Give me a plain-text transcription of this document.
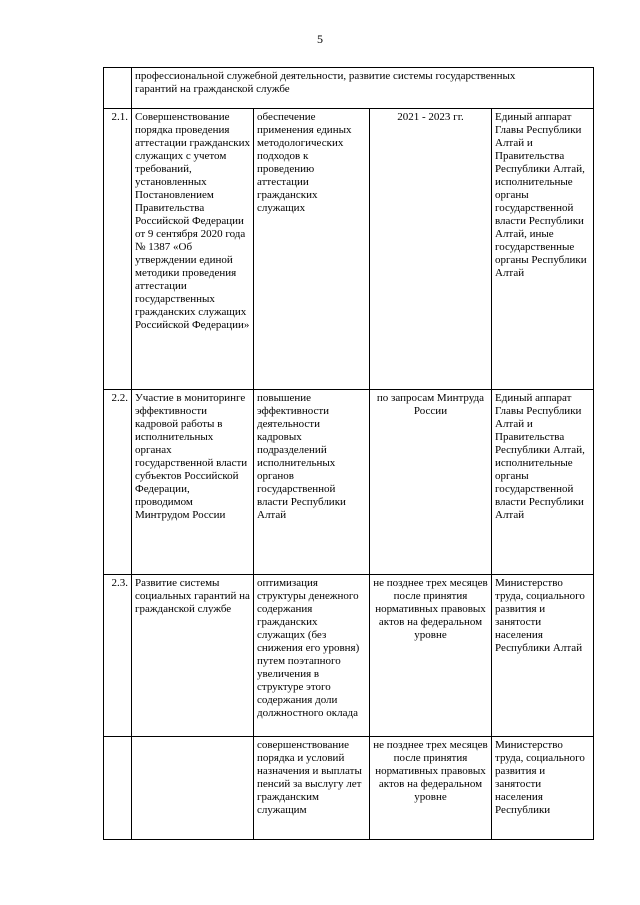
5

	профессиональной служебной деятельности, развитие системы государственных
гарантий на гражданской службе			

2.1.	Совершенствование порядка проведения аттестации гражданских служащих с учетом требований, установленных Постановлением Правительства Российской Федерации от 9 сентября 2020 года № 1387 «Об утверждении единой методики проведения аттестации государственных гражданских служащих Российской Федерации»	обеспечение применения единых методологических подходов к проведению аттестации гражданских служащих	2021 - 2023 гг.	Единый аппарат Главы Республики Алтай и Правительства Республики Алтай, исполнительные органы государственной власти Республики Алтай, иные государственные органы Республики Алтай
2.2.	Участие в мониторинге эффективности кадровой работы в исполнительных органах государственной власти субъектов Российской Федерации, проводимом Минтрудом России	повышение эффективности деятельности кадровых подразделений исполнительных органов государственной власти Республики Алтай	по запросам Минтруда России	Единый аппарат Главы Республики Алтай и Правительства Республики Алтай, исполнительные органы государственной власти Республики Алтай
2.3.	Развитие системы социальных гарантий на гражданской службе	оптимизация структуры денежного содержания гражданских служащих (без снижения его уровня) путем поэтапного увеличения в структуре этого содержания доли должностного оклада	не позднее трех месяцев после принятия нормативных правовых актов на федеральном уровне	Министерство труда, социального развития и занятости населения Республики Алтай
		совершенствование порядка и условий назначения и выплаты пенсий за выслугу лет гражданским служащим	не позднее трех месяцев после принятия нормативных правовых актов на федеральном уровне	Министерство труда, социального развития и занятости населения Республики
